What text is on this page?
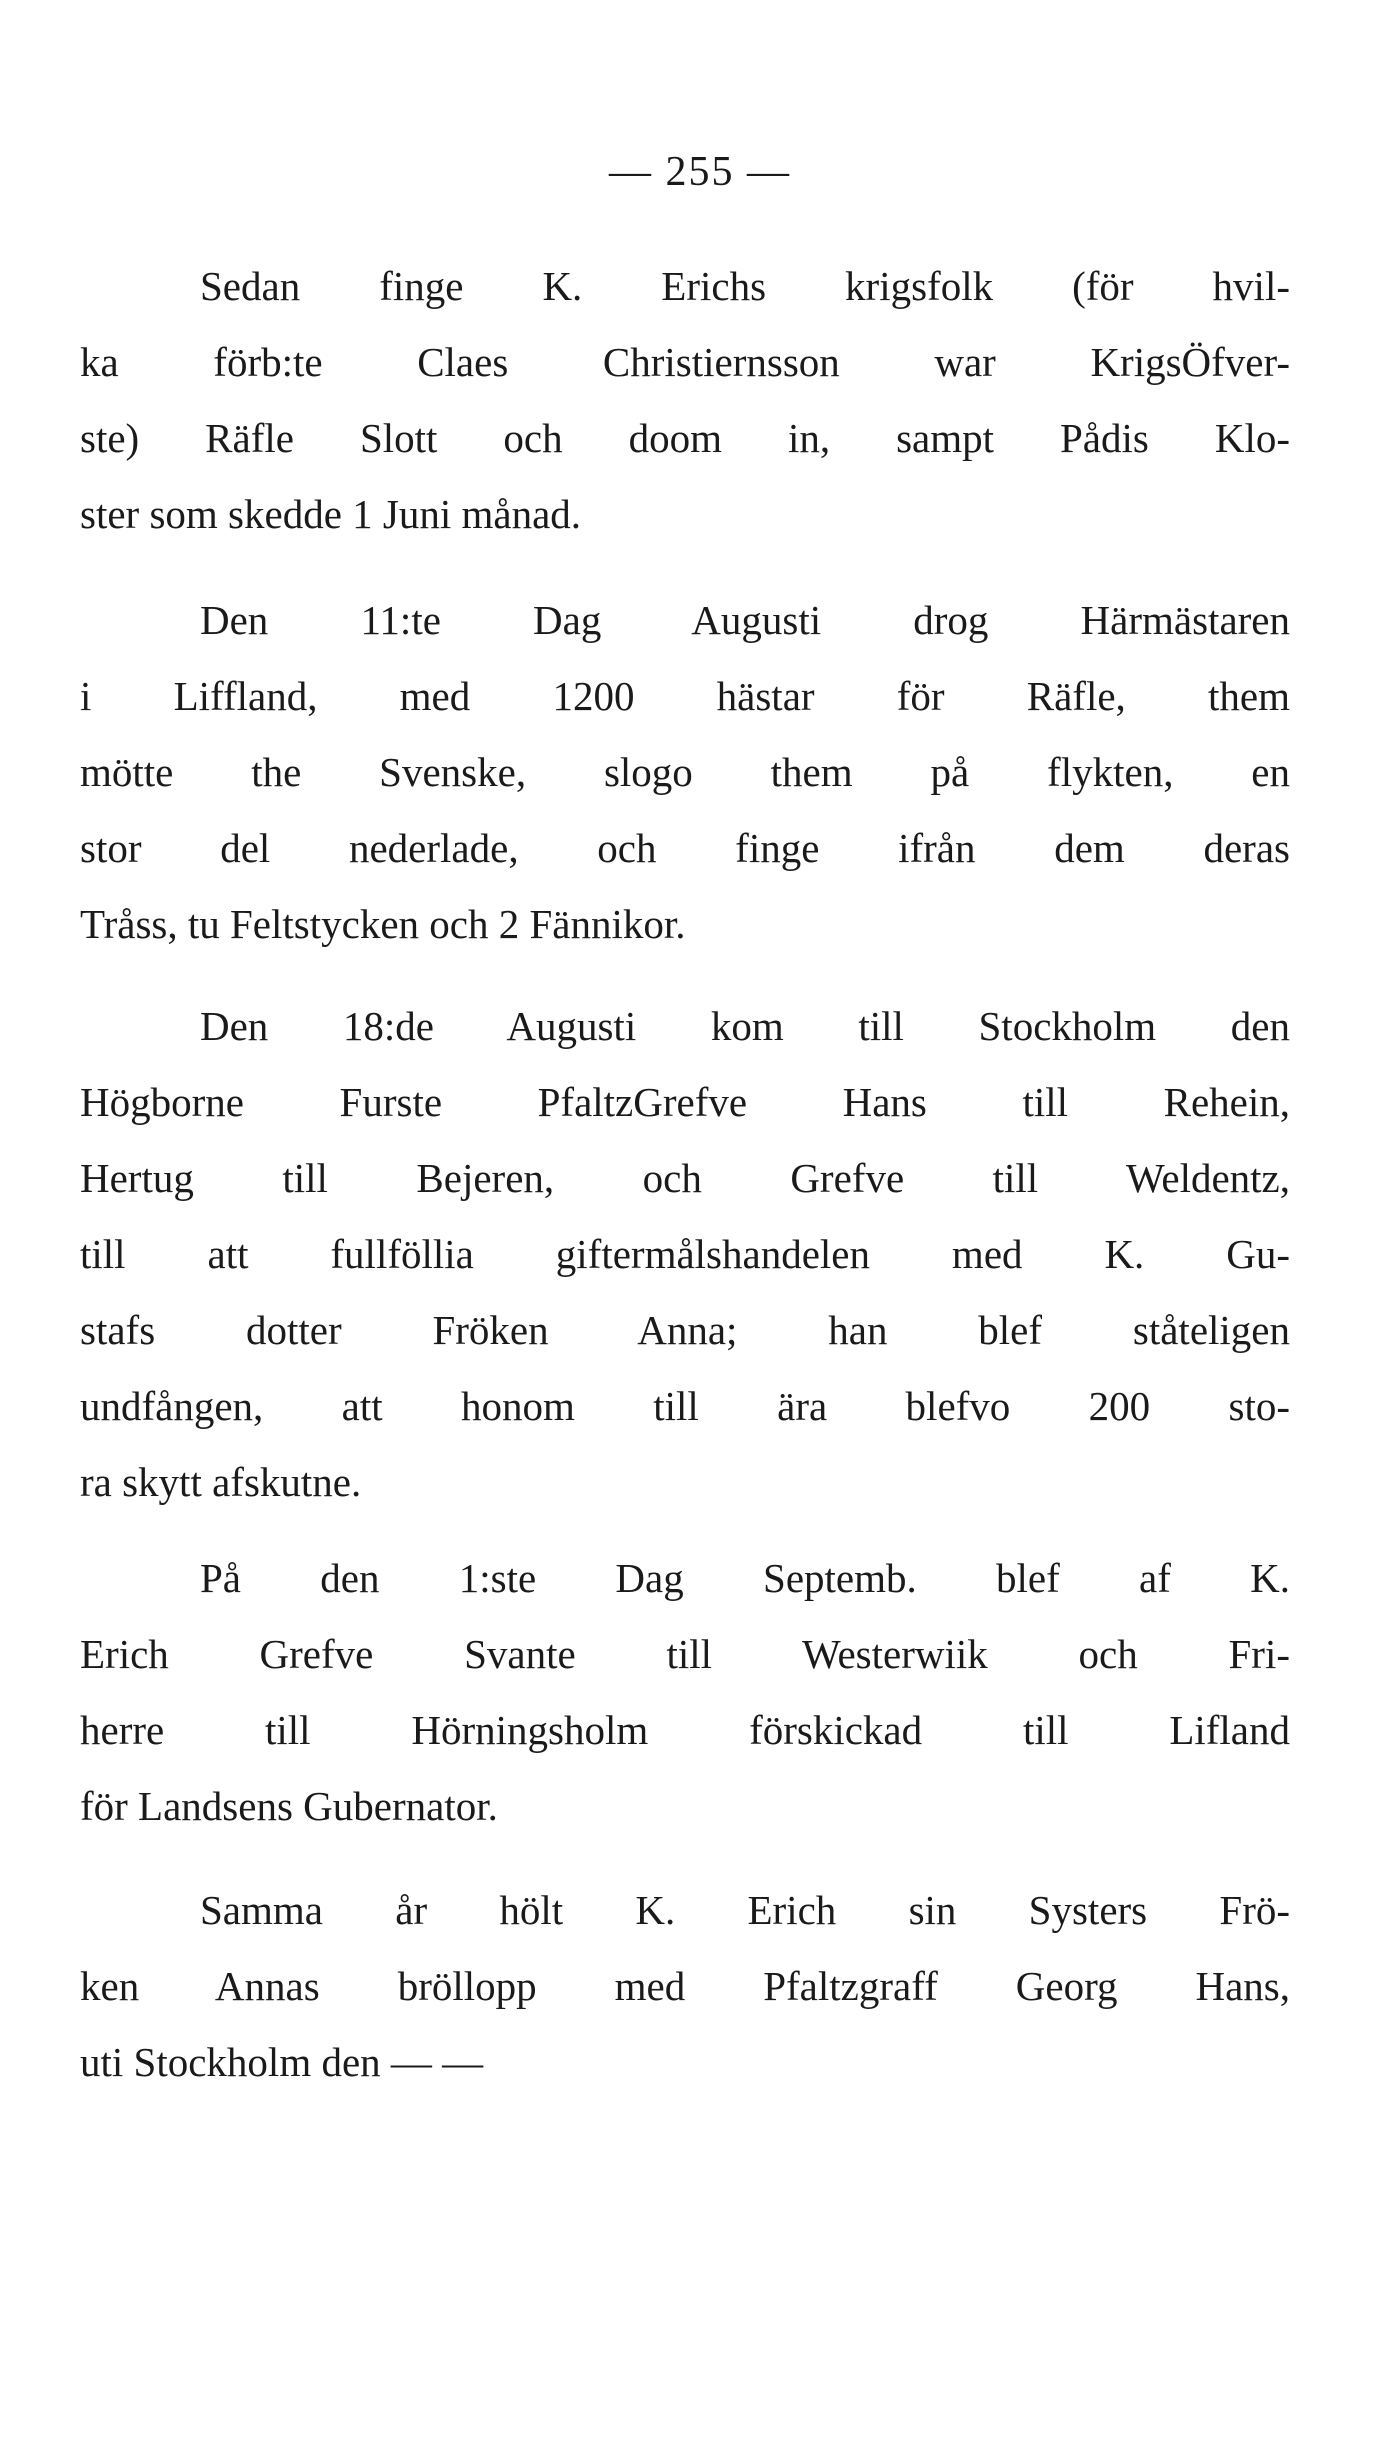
— 255 —
Sedan finge K. Erichs krigsfolk (för hvil-
ka förb:te Claes Christiernsson war KrigsÖfver-
ste) Räfle Slott och doom in, sampt Pådis Klo-
ster som skedde 1 Juni månad.
Den 11:te Dag Augusti drog Härmästaren
i Liffland, med 1200 hästar för Räfle, them
mötte the Svenske, slogo them på flykten, en
stor del nederlade, och finge ifrån dem deras
Tråss, tu Feltstycken och 2 Fännikor.
Den 18:de Augusti kom till Stockholm den
Högborne Furste PfaltzGrefve Hans till Rehein,
Hertug till Bejeren, och Grefve till Weldentz,
till att fullföllia giftermålshandelen med K. Gu-
stafs dotter Fröken Anna; han blef ståteligen
undfången, att honom till ära blefvo 200 sto-
ra skytt afskutne.
På den 1:ste Dag Septemb. blef af K.
Erich Grefve Svante till Westerwiik och Fri-
herre till Hörningsholm förskickad till Lifland
för Landsens Gubernator.
Samma år hölt K. Erich sin Systers Frö-
ken Annas bröllopp med Pfaltzgraff Georg Hans,
uti Stockholm den — —
